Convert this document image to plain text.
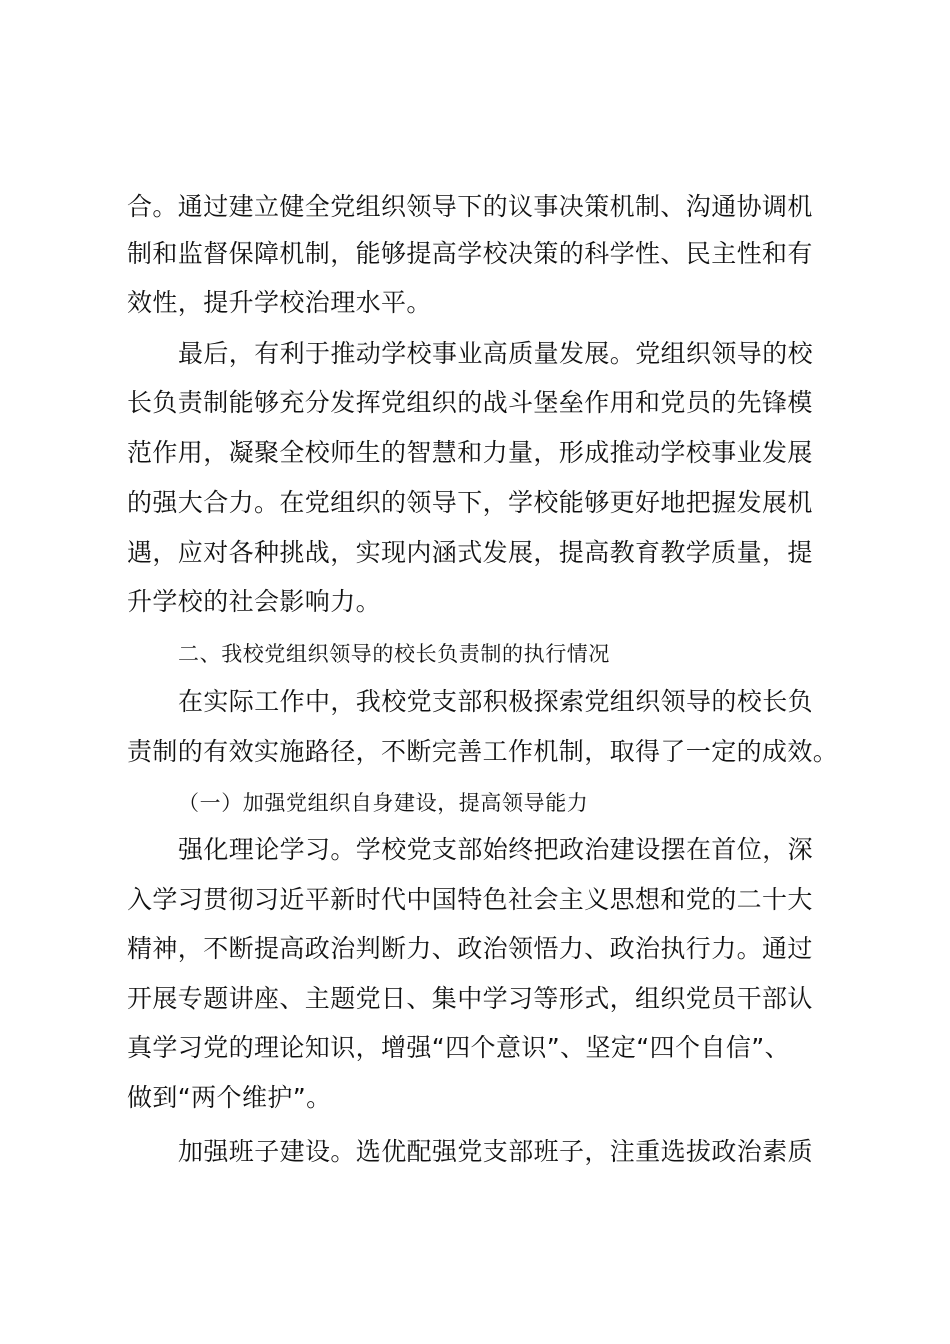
合。通过建立健全党组织领导下的议事决策机制、沟通协调机
制和监督保障机制，能够提高学校决策的科学性、民主性和有
效性，提升学校治理水平。
最后，有利于推动学校事业高质量发展。党组织领导的校
长负责制能够充分发挥党组织的战斗堡垒作用和党员的先锋模
范作用，凝聚全校师生的智慧和力量，形成推动学校事业发展
的强大合力。在党组织的领导下，学校能够更好地把握发展机
遇，应对各种挑战，实现内涵式发展，提高教育教学质量，提
升学校的社会影响力。
二、我校党组织领导的校长负责制的执行情况
在实际工作中，我校党支部积极探索党组织领导的校长负
责制的有效实施路径，不断完善工作机制，取得了一定的成效。
（一）加强党组织自身建设，提高领导能力
强化理论学习。学校党支部始终把政治建设摆在首位，深
入学习贯彻习近平新时代中国特色社会主义思想和党的二十大
精神，不断提高政治判断力、政治领悟力、政治执行力。通过
开展专题讲座、主题党日、集中学习等形式，组织党员干部认
真学习党的理论知识，增强“四个意识”、坚定“四个自信”、
做到“两个维护”。
加强班子建设。选优配强党支部班子，注重选拔政治素质
